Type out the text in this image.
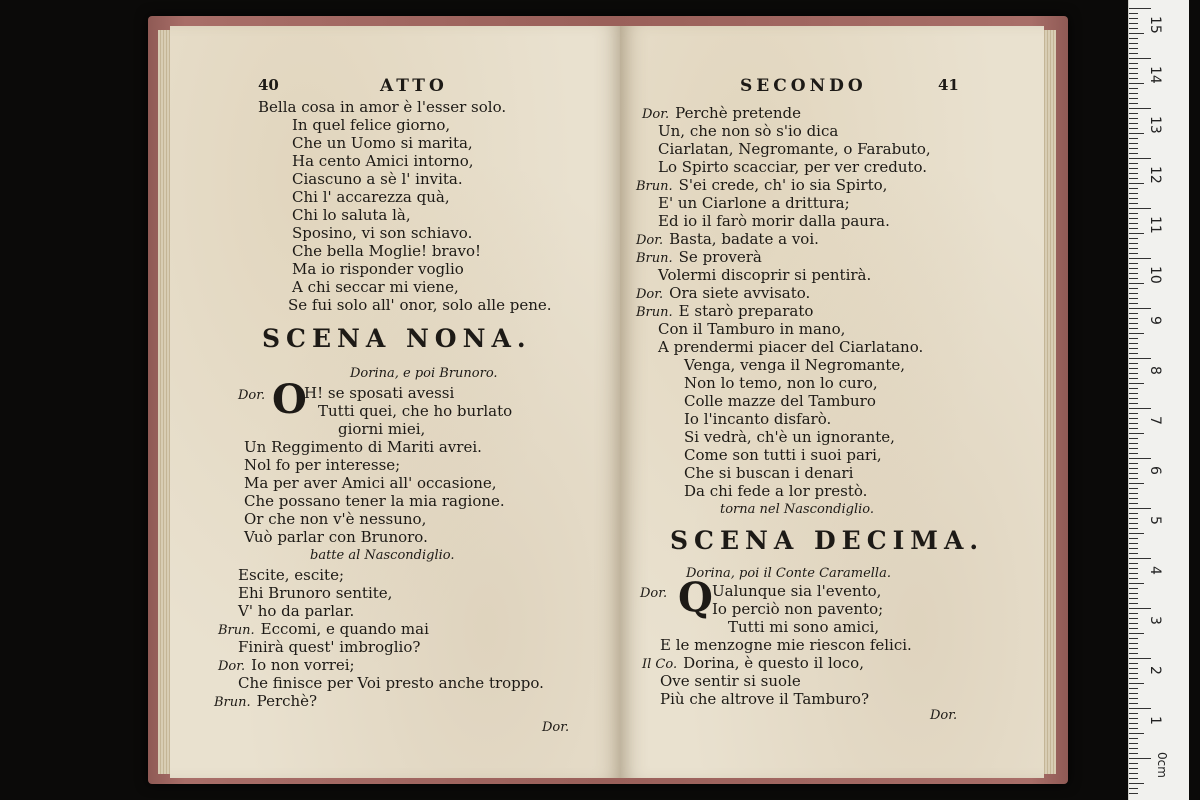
40	ATTO
Bella cosa in amor è l'esser solo.
In quel felice giorno,
Che un Uomo si marita,
Ha cento Amici intorno,
Ciascuno a sè l' invita.
Chi l' accarezza quà,
Chi lo saluta là,
Sposino, vi son schiavo.
Che bella Moglie! bravo!
Ma io risponder voglio
A chi seccar mi viene,
Se fui solo all' onor, solo alle pene.
SCENA NONA.
Dorina, e poi Brunoro.
Dor. O
H! se sposati avessi
Tutti quei, che ho burlato
giorni miei,
Un Reggimento di Mariti avrei.
Nol fo per interesse;
Ma per aver Amici all' occasione,
Che possano tener la mia ragione.
Or che non v'è nessuno,
Vuò parlar con Brunoro.
batte al Nascondiglio.
Escite, escite;
Ehi Brunoro sentite,
V' ho da parlar.
Brun. Eccomi, e quando mai
Finirà quest' imbroglio?
Dor. Io non vorrei;
Che finisce per Voi presto anche troppo.
Brun. Perchè?
Dor.
SECONDO	41
Dor. Perchè pretende
Un, che non sò s'io dica
Ciarlatan, Negromante, o Farabuto,
Lo Spirto scacciar, per ver creduto.
Brun. S'ei crede, ch' io sia Spirto,
E' un Ciarlone a drittura;
Ed io il farò morir dalla paura.
Dor. Basta, badate a voi.
Brun. Se proverà
Volermi discoprir si pentirà.
Dor. Ora siete avvisato.
Brun. E starò preparato
Con il Tamburo in mano,
A prendermi piacer del Ciarlatano.
Venga, venga il Negromante,
Non lo temo, non lo curo,
Colle mazze del Tamburo
Io l'incanto disfarò.
Si vedrà, ch'è un ignorante,
Come son tutti i suoi pari,
Che si buscan i denari
Da chi fede a lor prestò.
torna nel Nascondiglio.
SCENA DECIMA.
Dorina, poi il Conte Caramella.
Dor. Q Ualunque sia l'evento,
Io perciò non pavento;
Tutti mi sono amici,
E le menzogne mie riescon felici.
Il Co. Dorina, è questo il loco,
Ove sentir si suole
Più che altrove il Tamburo?
Dor.
15
14
13
12
11
10
9
8
7
6
5
4
3
2
1
0cm
